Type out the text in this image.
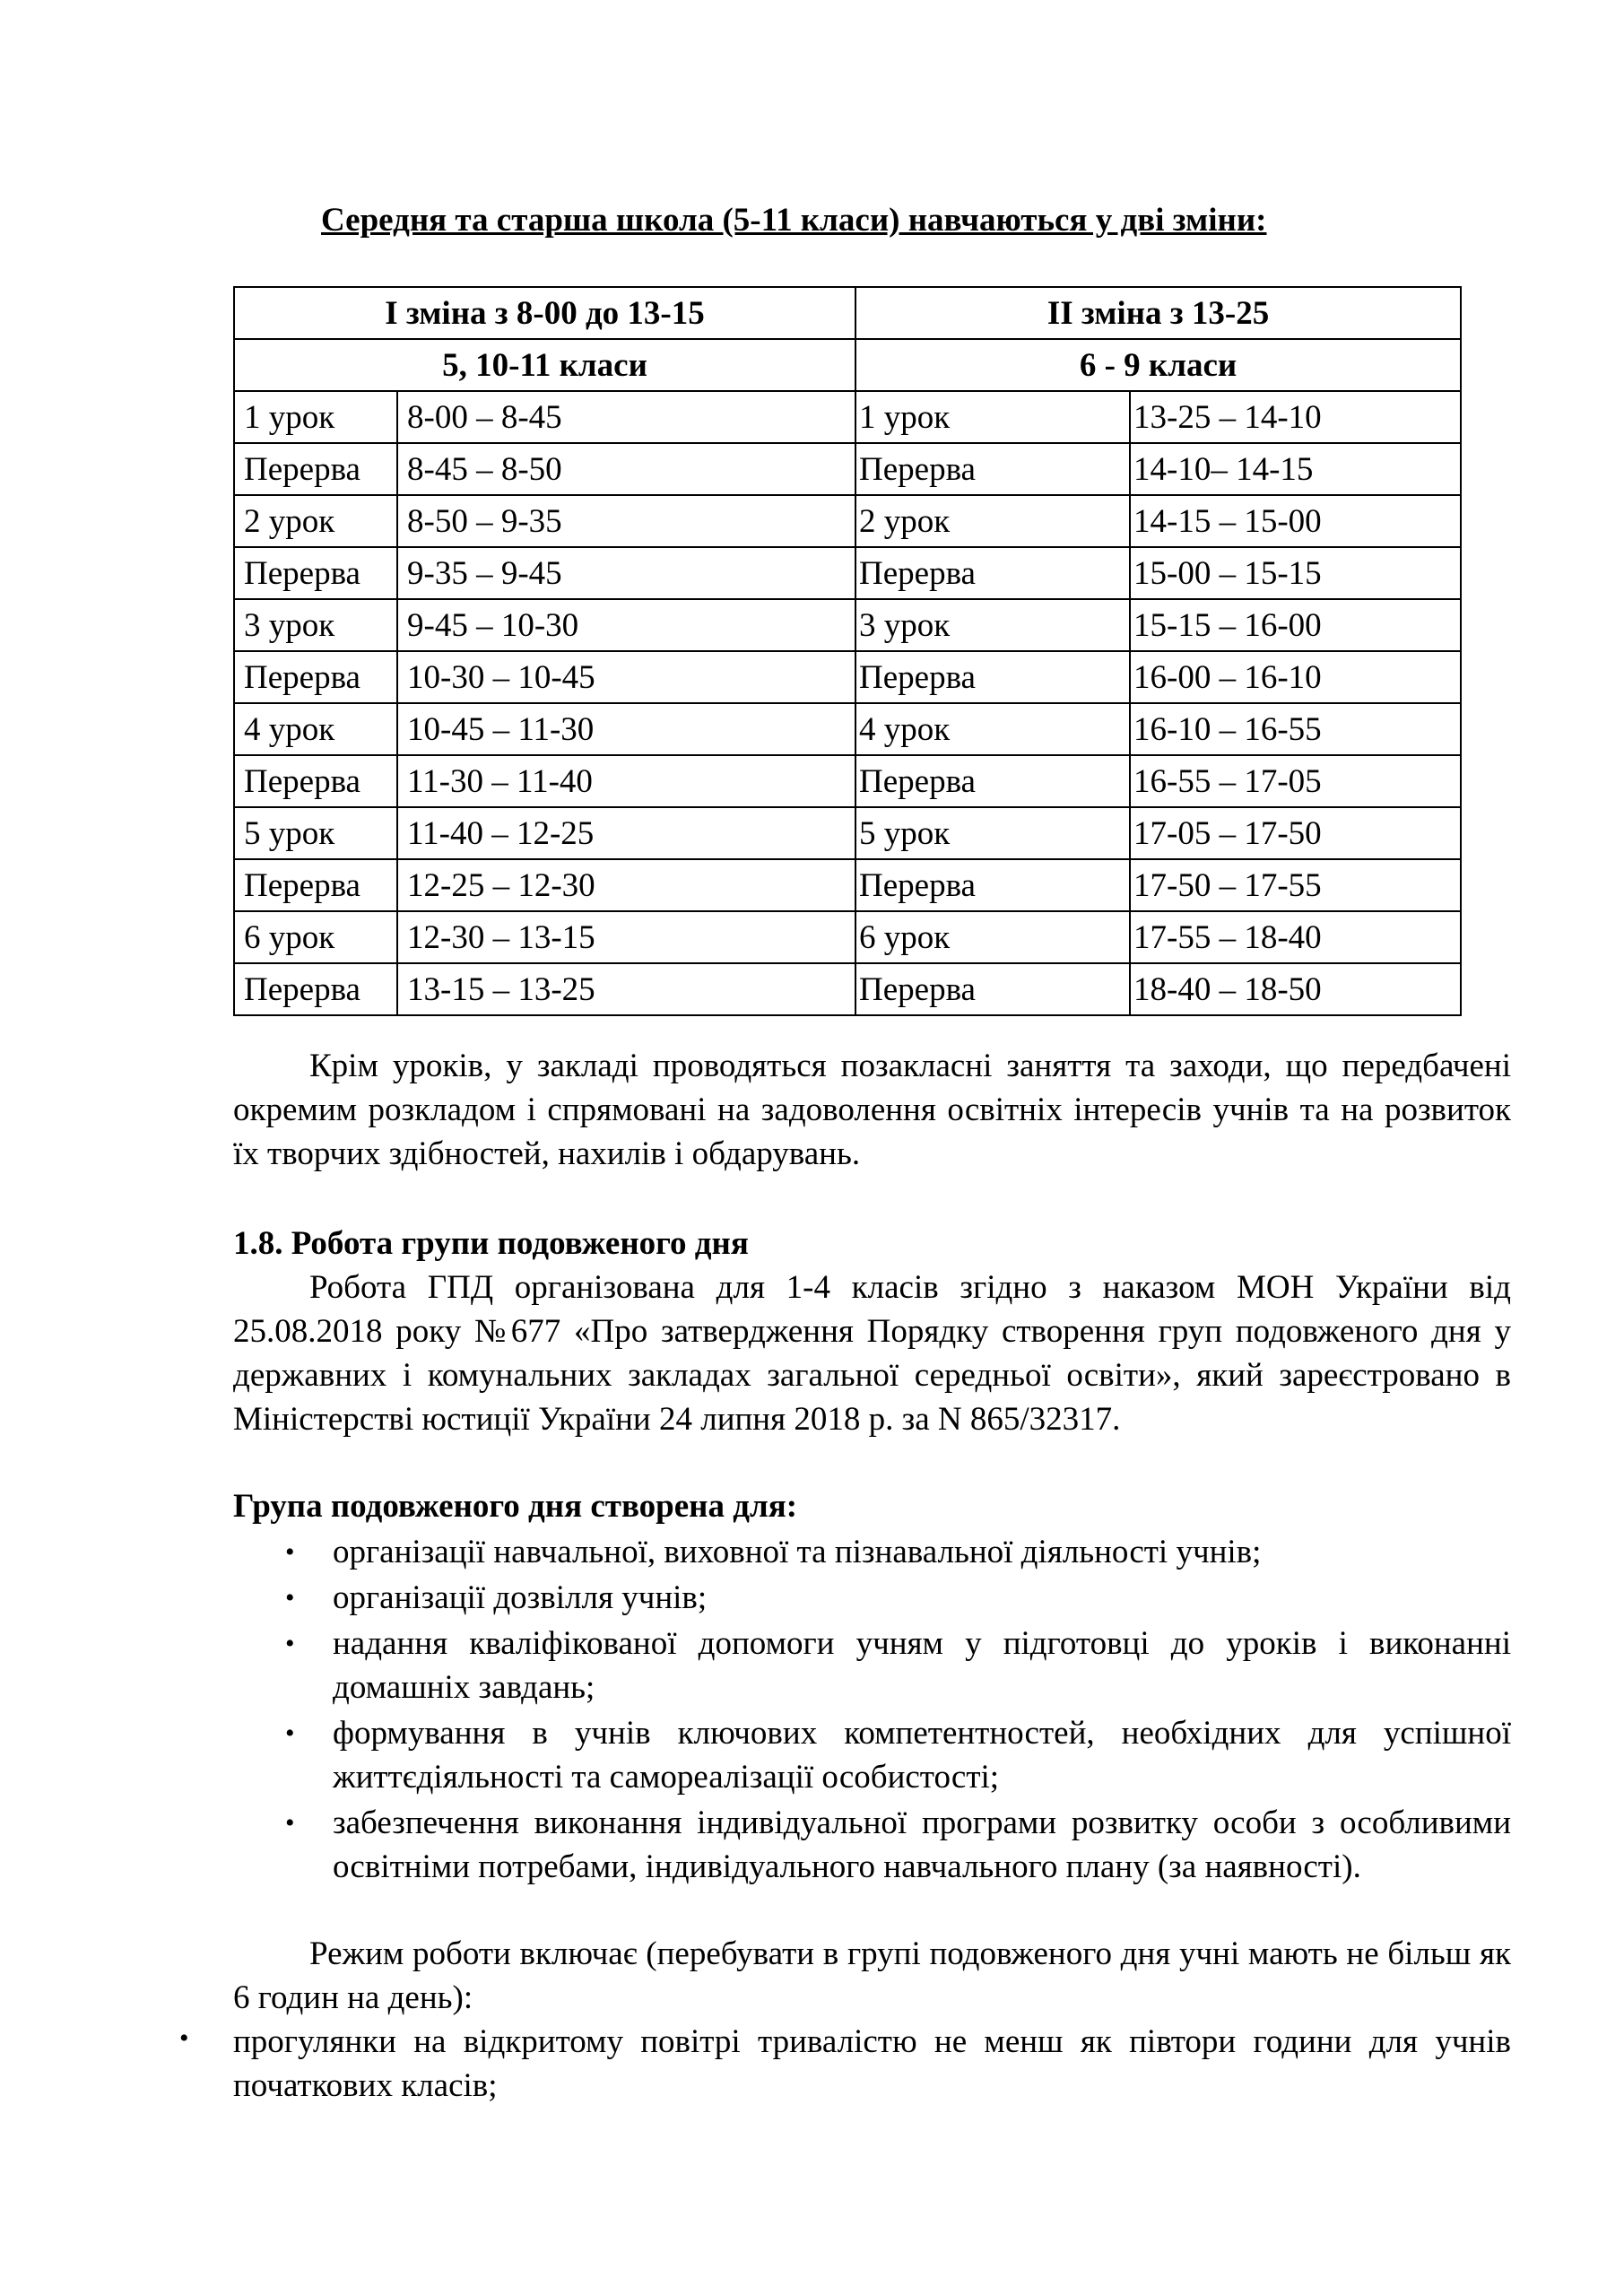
Середня та старша школа (5-11 класи) навчаються у дві зміни:
І зміна з 8-00 до 13-15		ІІ зміна з 13-25	
5, 10-11 класи		6 - 9 класи	
1 урок	8-00 – 8-45	1 урок	13-25 – 14-10
Перерва	8-45 – 8-50	Перерва	14-10– 14-15
2 урок	8-50 – 9-35	2 урок	14-15 – 15-00
Перерва	9-35 – 9-45	Перерва	15-00 – 15-15
3 урок	9-45 – 10-30	3 урок	15-15 – 16-00
Перерва	10-30 – 10-45	Перерва	16-00 – 16-10
4 урок	10-45 – 11-30	4 урок	16-10 – 16-55
Перерва	11-30 – 11-40	Перерва	16-55 – 17-05
5 урок	11-40 – 12-25	5 урок	17-05 – 17-50
Перерва	12-25 – 12-30	Перерва	17-50 – 17-55
6 урок	12-30 – 13-15	6 урок	17-55 – 18-40
Перерва	13-15 – 13-25	Перерва	18-40 – 18-50
Крім уроків, у закладі проводяться позакласні заняття та заходи, що передбачені окремим розкладом і спрямовані на задоволення освітніх інтересів учнів та на розвиток їх творчих здібностей, нахилів і обдарувань.
1.8. Робота групи подовженого дня
Робота ГПД організована для 1-4 класів згідно з наказом МОН України від 25.08.2018 року №677 «Про затвердження Порядку створення груп подовженого дня у державних і комунальних закладах загальної середньої освіти», який зареєстровано в Міністерстві юстиції України 24 липня 2018 р. за N 865/32317.
Група подовженого дня створена для:
• організації навчальної, виховної та пізнавальної діяльності учнів;
• організації дозвілля учнів;
• надання кваліфікованої допомоги учням у підготовці до уроків і виконанні домашніх завдань;
• формування в учнів ключових компетентностей, необхідних для успішної життєдіяльності та самореалізації особистості;
• забезпечення виконання індивідуальної програми розвитку особи з особливими освітніми потребами, індивідуального навчального плану (за наявності).
Режим роботи включає (перебувати в групі подовженого дня учні мають не більш як 6 годин на день):
• прогулянки на відкритому повітрі тривалістю не менш як півтори години для учнів початкових класів;
